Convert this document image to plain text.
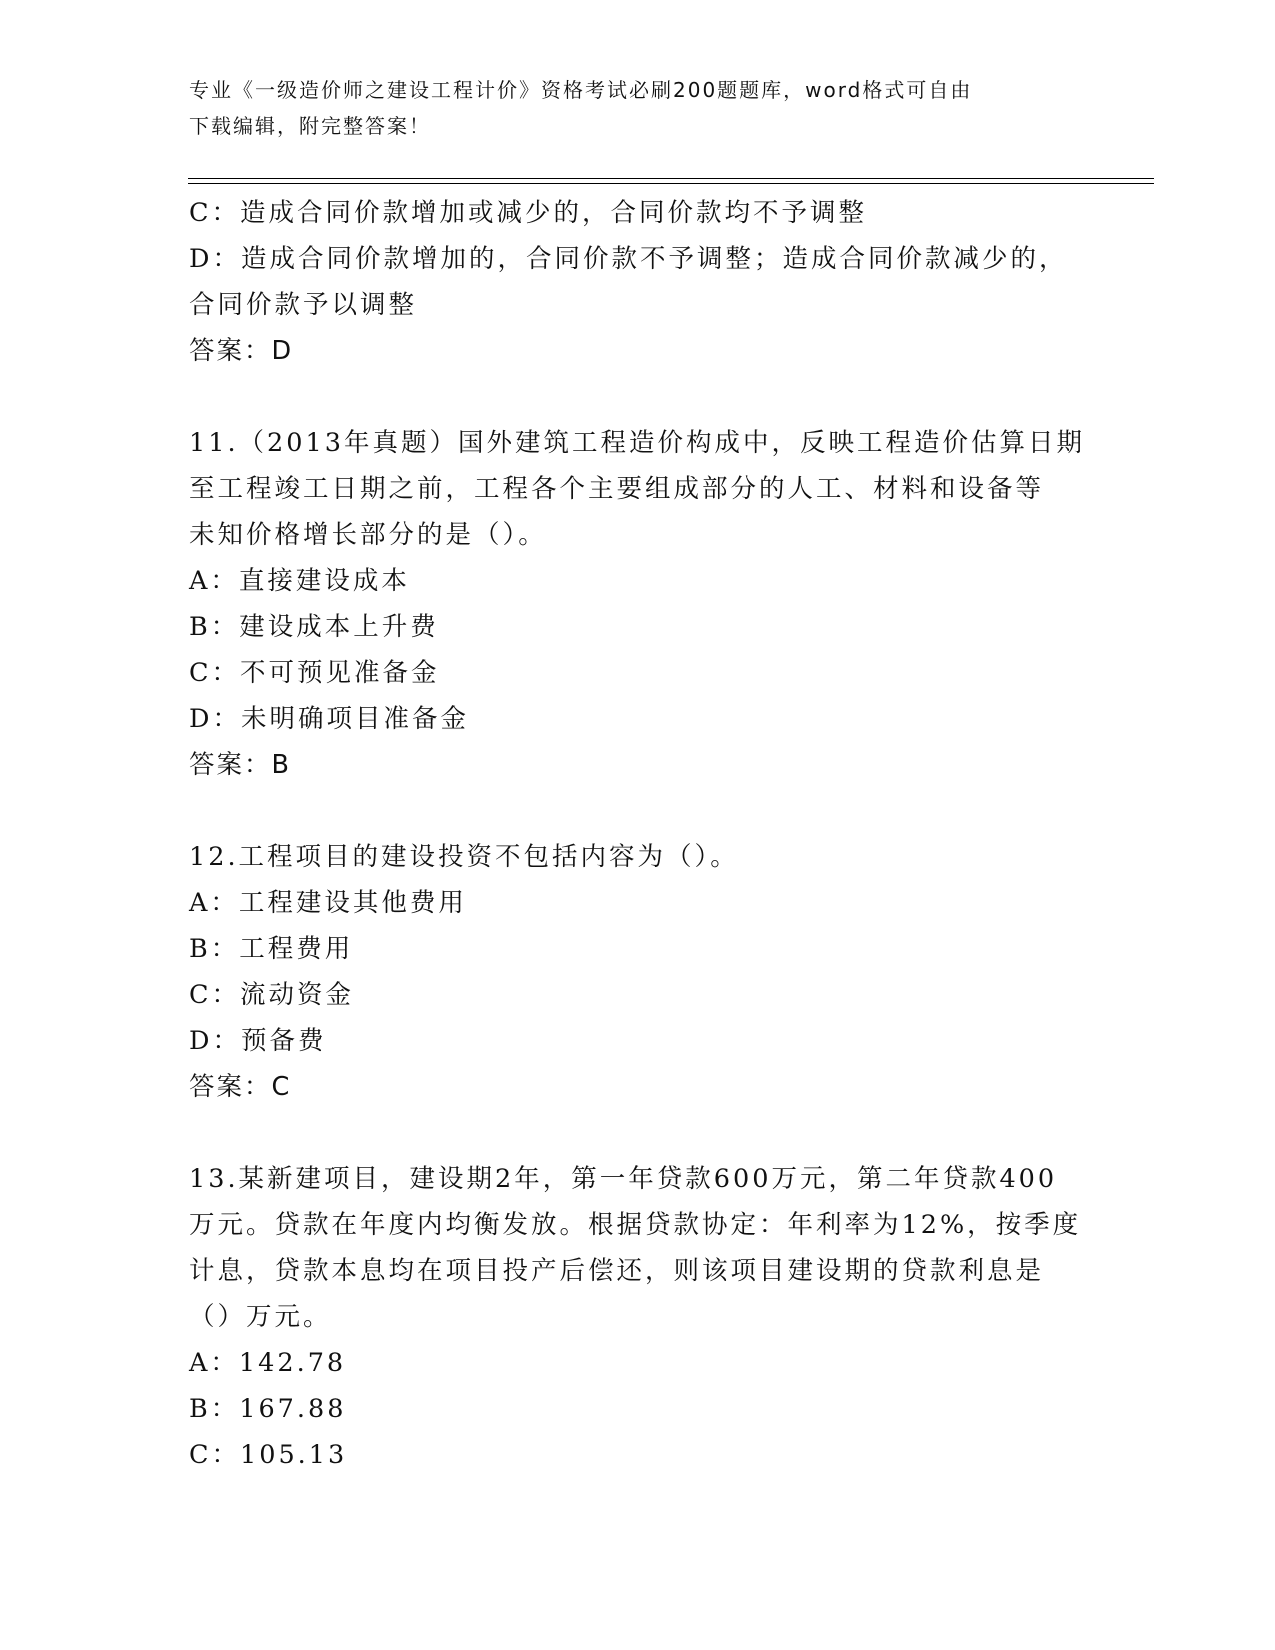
专业《一级造价师之建设工程计价》资格考试必刷200题题库，word格式可自由
下载编辑，附完整答案！
C：造成合同价款增加或减少的，合同价款均不予调整
D：造成合同价款增加的，合同价款不予调整；造成合同价款减少的，
合同价款予以调整
答案：D
11.（2013年真题）国外建筑工程造价构成中，反映工程造价估算日期
至工程竣工日期之前，工程各个主要组成部分的人工、材料和设备等
未知价格增长部分的是（）。
A：直接建设成本
B：建设成本上升费
C：不可预见准备金
D：未明确项目准备金
答案：B
12.工程项目的建设投资不包括内容为（）。
A：工程建设其他费用
B：工程费用
C：流动资金
D：预备费
答案：C
13.某新建项目，建设期2年，第一年贷款600万元，第二年贷款400
万元。贷款在年度内均衡发放。根据贷款协定：年利率为12%，按季度
计息，贷款本息均在项目投产后偿还，则该项目建设期的贷款利息是
（）万元。
A：142.78
B：167.88
C：105.13
